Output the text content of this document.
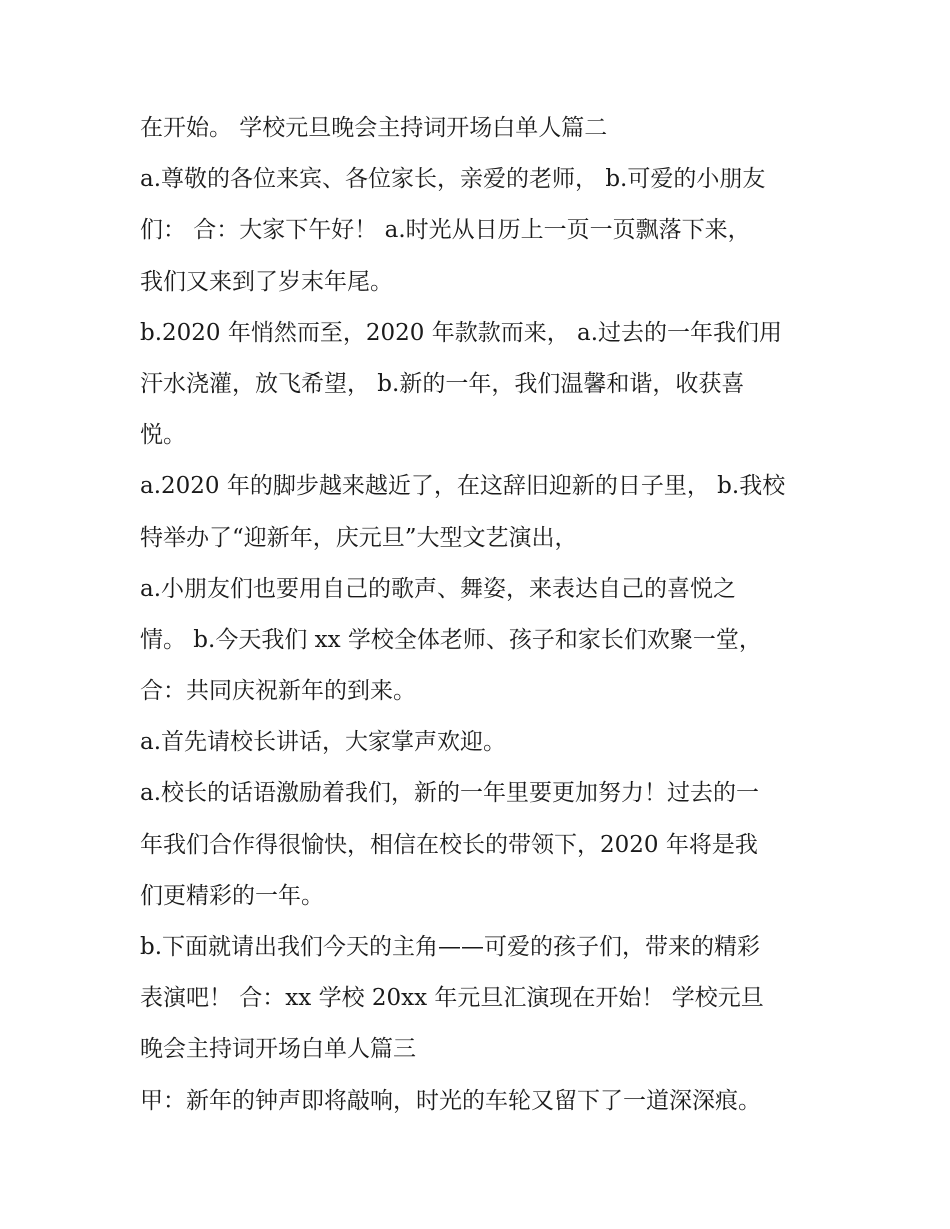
在开始。 学校元旦晚会主持词开场白单人篇二
a.尊敬的各位来宾、各位家长，亲爱的老师， b.可爱的小朋友
们： 合：大家下午好！ a.时光从日历上一页一页飘落下来，
我们又来到了岁末年尾。
b.2020 年悄然而至，2020 年款款而来， a.过去的一年我们用
汗水浇灌，放飞希望， b.新的一年，我们温馨和谐，收获喜
悦。
a.2020 年的脚步越来越近了，在这辞旧迎新的日子里， b.我校
特举办了“迎新年，庆元旦”大型文艺演出，
a.小朋友们也要用自己的歌声、舞姿，来表达自己的喜悦之
情。 b.今天我们 xx 学校全体老师、孩子和家长们欢聚一堂，
合：共同庆祝新年的到来。
a.首先请校长讲话，大家掌声欢迎。
a.校长的话语激励着我们，新的一年里要更加努力！过去的一
年我们合作得很愉快，相信在校长的带领下，2020 年将是我
们更精彩的一年。
b.下面就请出我们今天的主角——可爱的孩子们，带来的精彩
表演吧！ 合：xx 学校 20xx 年元旦汇演现在开始！ 学校元旦
晚会主持词开场白单人篇三
甲：新年的钟声即将敲响，时光的车轮又留下了一道深深痕。
